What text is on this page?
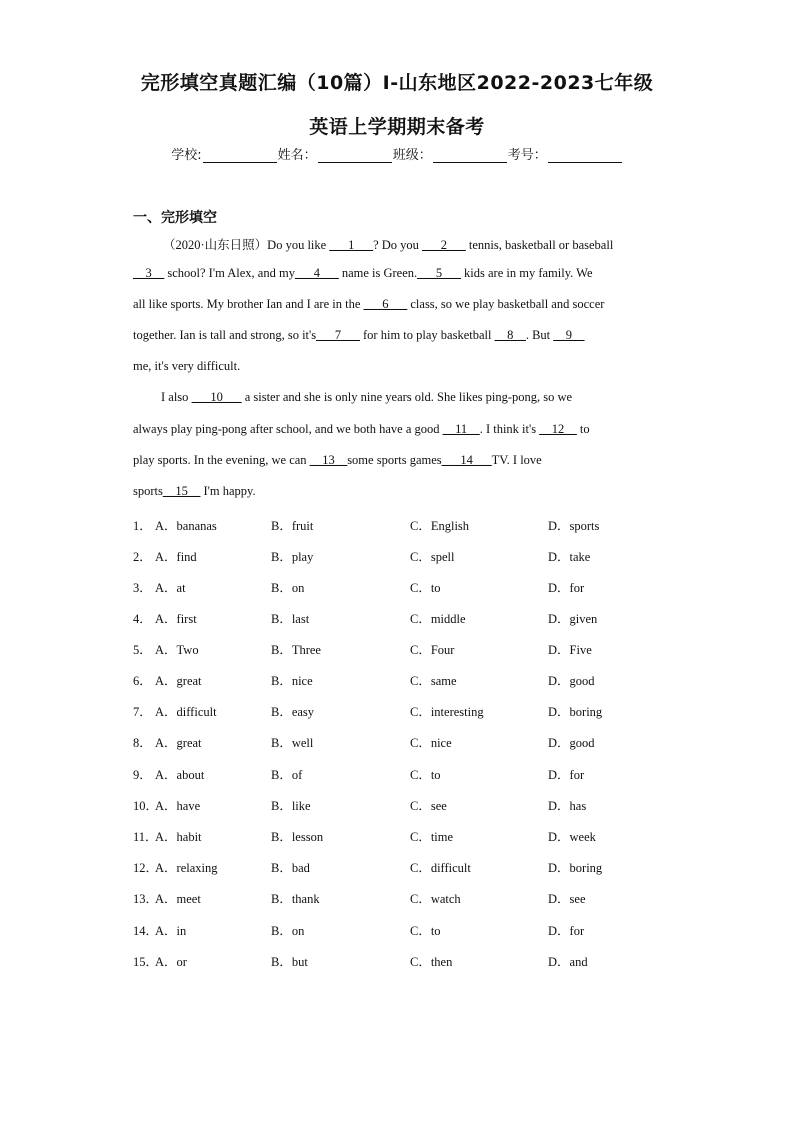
完形填空真题汇编（10篇）Ⅰ-山东地区2022-2023七年级
英语上学期期末备考
学校:	姓名：	班级：	考号：
一、完形填空
（2020·山东日照）Do you like ___1___? Do you ___2___ tennis, basketball or baseball
__3__ school? I'm Alex, and my___4___ name is Green.___5___ kids are in my family. We
all like sports. My brother Ian and I are in the ___6___ class, so we play basketball and soccer
together. Ian is tall and strong, so it's___7___ for him to play basketball __8__. But __9__
me, it's very difficult.
I also ___10___ a sister and she is only nine years old. She likes ping-pong, so we
always play ping-pong after school, and we both have a good __11__. I think it's __12__ to
play sports. In the evening, we can __13__some sports games___14___TV. I love
sports__15__ I'm happy.
1． A．bananas	B．fruit	C．English	D．sports
2． A．find	B．play	C．spell	D．take
3． A．at	B．on	C．to	D．for
4． A．first	B．last	C．middle	D．given
5． A．Two	B．Three	C．Four	D．Five
6． A．great	B．nice	C．same	D．good
7． A．difficult	B．easy	C．interesting	D．boring
8． A．great	B．well	C．nice	D．good
9． A．about	B．of	C．to	D．for
10．
A．have	B．like	C．see	D．has
11．
A．habit	B．lesson	C．time	D．week
12．
A．relaxing	B．bad	C．difficult	D．boring
13．
A．meet	B．thank	C．watch	D．see
14．
A．in	B．on	C．to	D．for
15．
A．or	B．but	C．then	D．and
